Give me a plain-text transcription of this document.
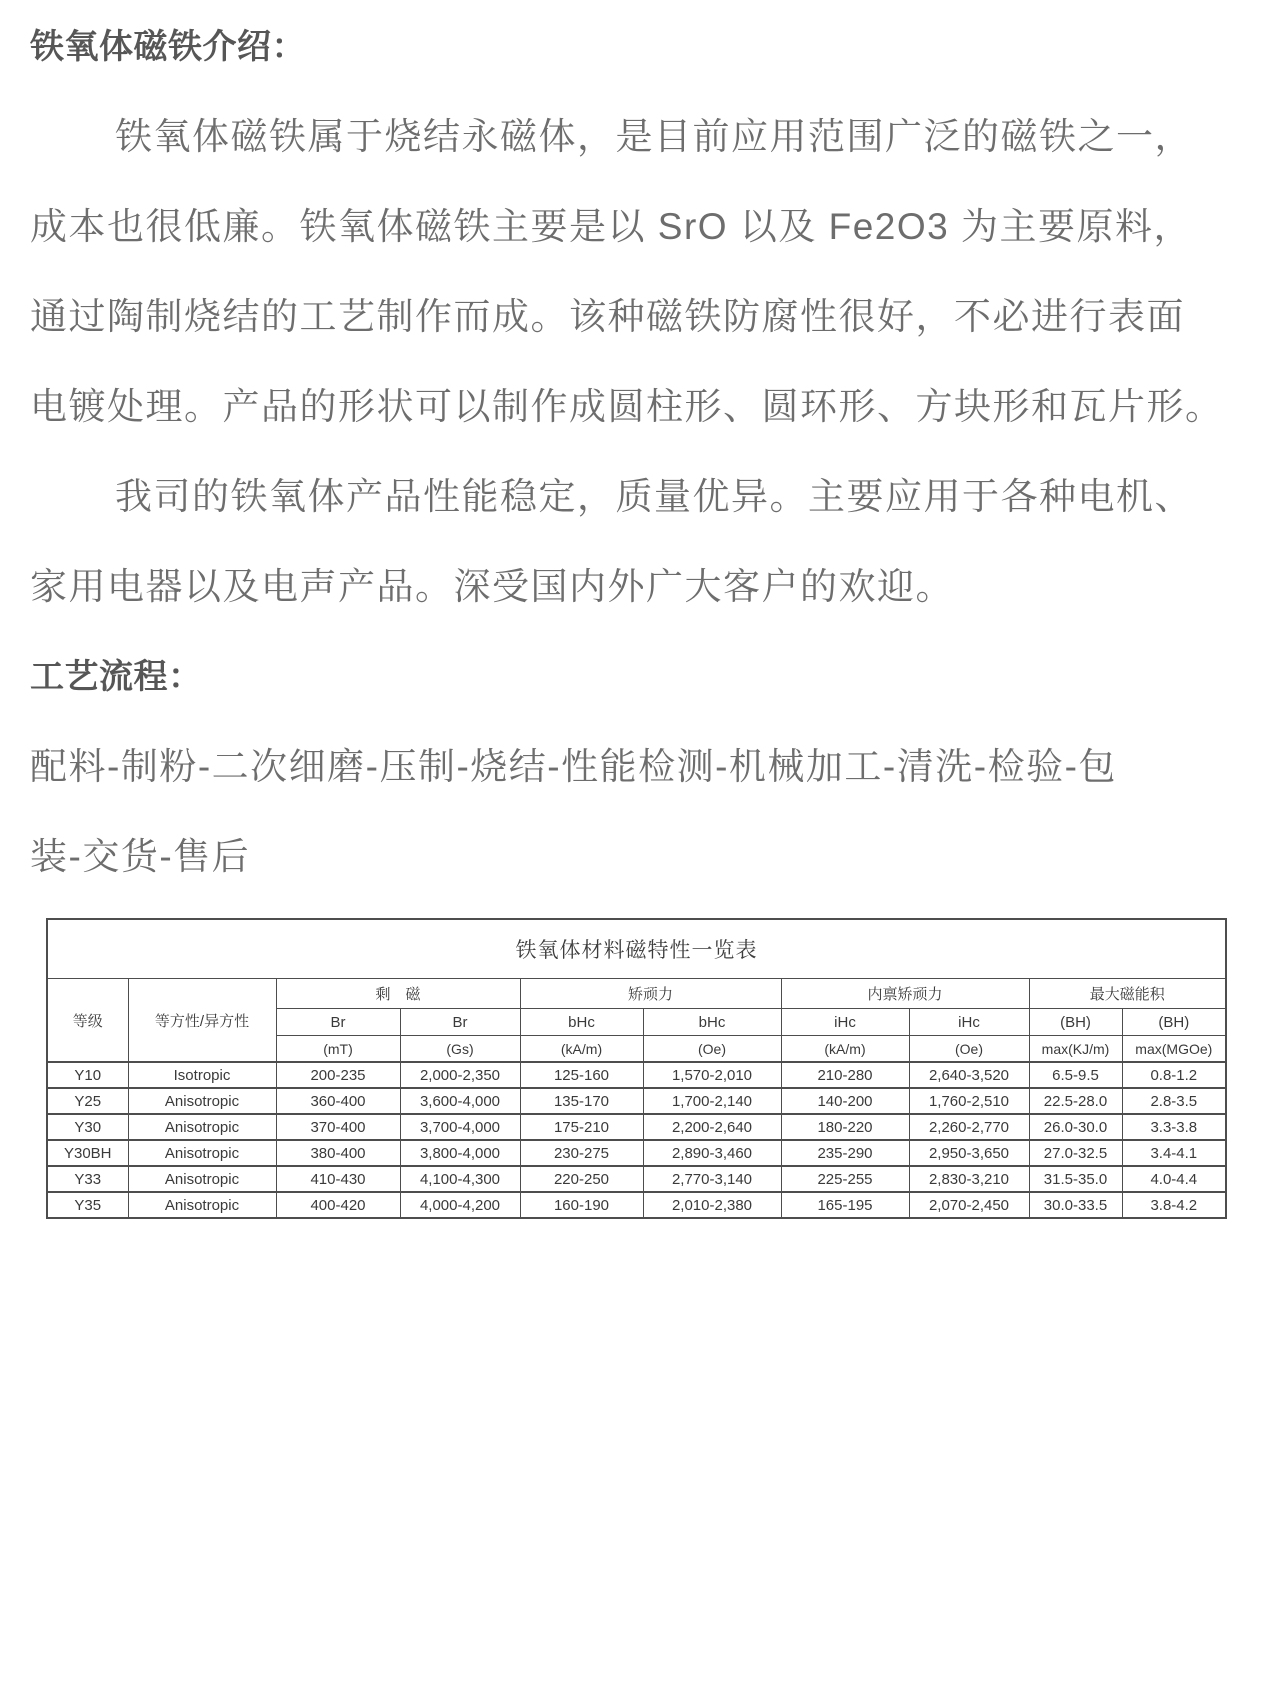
铁氧体磁铁介绍：
铁氧体磁铁属于烧结永磁体，是目前应用范围广泛的磁铁之一，
成本也很低廉。铁氧体磁铁主要是以 SrO 以及 Fe2O3 为主要原料，
通过陶制烧结的工艺制作而成。该种磁铁防腐性很好，不必进行表面
电镀处理。产品的形状可以制作成圆柱形、圆环形、方块形和瓦片形。
我司的铁氧体产品性能稳定，质量优异。主要应用于各种电机、
家用电器以及电声产品。深受国内外广大客户的欢迎。
工艺流程：
配料-制粉-二次细磨-压制-烧结-性能检测-机械加工-清洗-检验-包
装-交货-售后
铁氧体材料磁特性一览表									
等级	等方性/异方性	剩　磁		矫顽力		内禀矫顽力		最大磁能积	
		Br	Br	bHc	bHc	iHc	iHc	(BH)	(BH)
		(mT)	(Gs)	(kA/m)	(Oe)	(kA/m)	(Oe)	max(KJ/m)	max(MGOe)
Y10	Isotropic	200-235	2,000-2,350	125-160	1,570-2,010	210-280	2,640-3,520	6.5-9.5	0.8-1.2
Y25	Anisotropic	360-400	3,600-4,000	135-170	1,700-2,140	140-200	1,760-2,510	22.5-28.0	2.8-3.5
Y30	Anisotropic	370-400	3,700-4,000	175-210	2,200-2,640	180-220	2,260-2,770	26.0-30.0	3.3-3.8
Y30BH	Anisotropic	380-400	3,800-4,000	230-275	2,890-3,460	235-290	2,950-3,650	27.0-32.5	3.4-4.1
Y33	Anisotropic	410-430	4,100-4,300	220-250	2,770-3,140	225-255	2,830-3,210	31.5-35.0	4.0-4.4
Y35	Anisotropic	400-420	4,000-4,200	160-190	2,010-2,380	165-195	2,070-2,450	30.0-33.5	3.8-4.2
